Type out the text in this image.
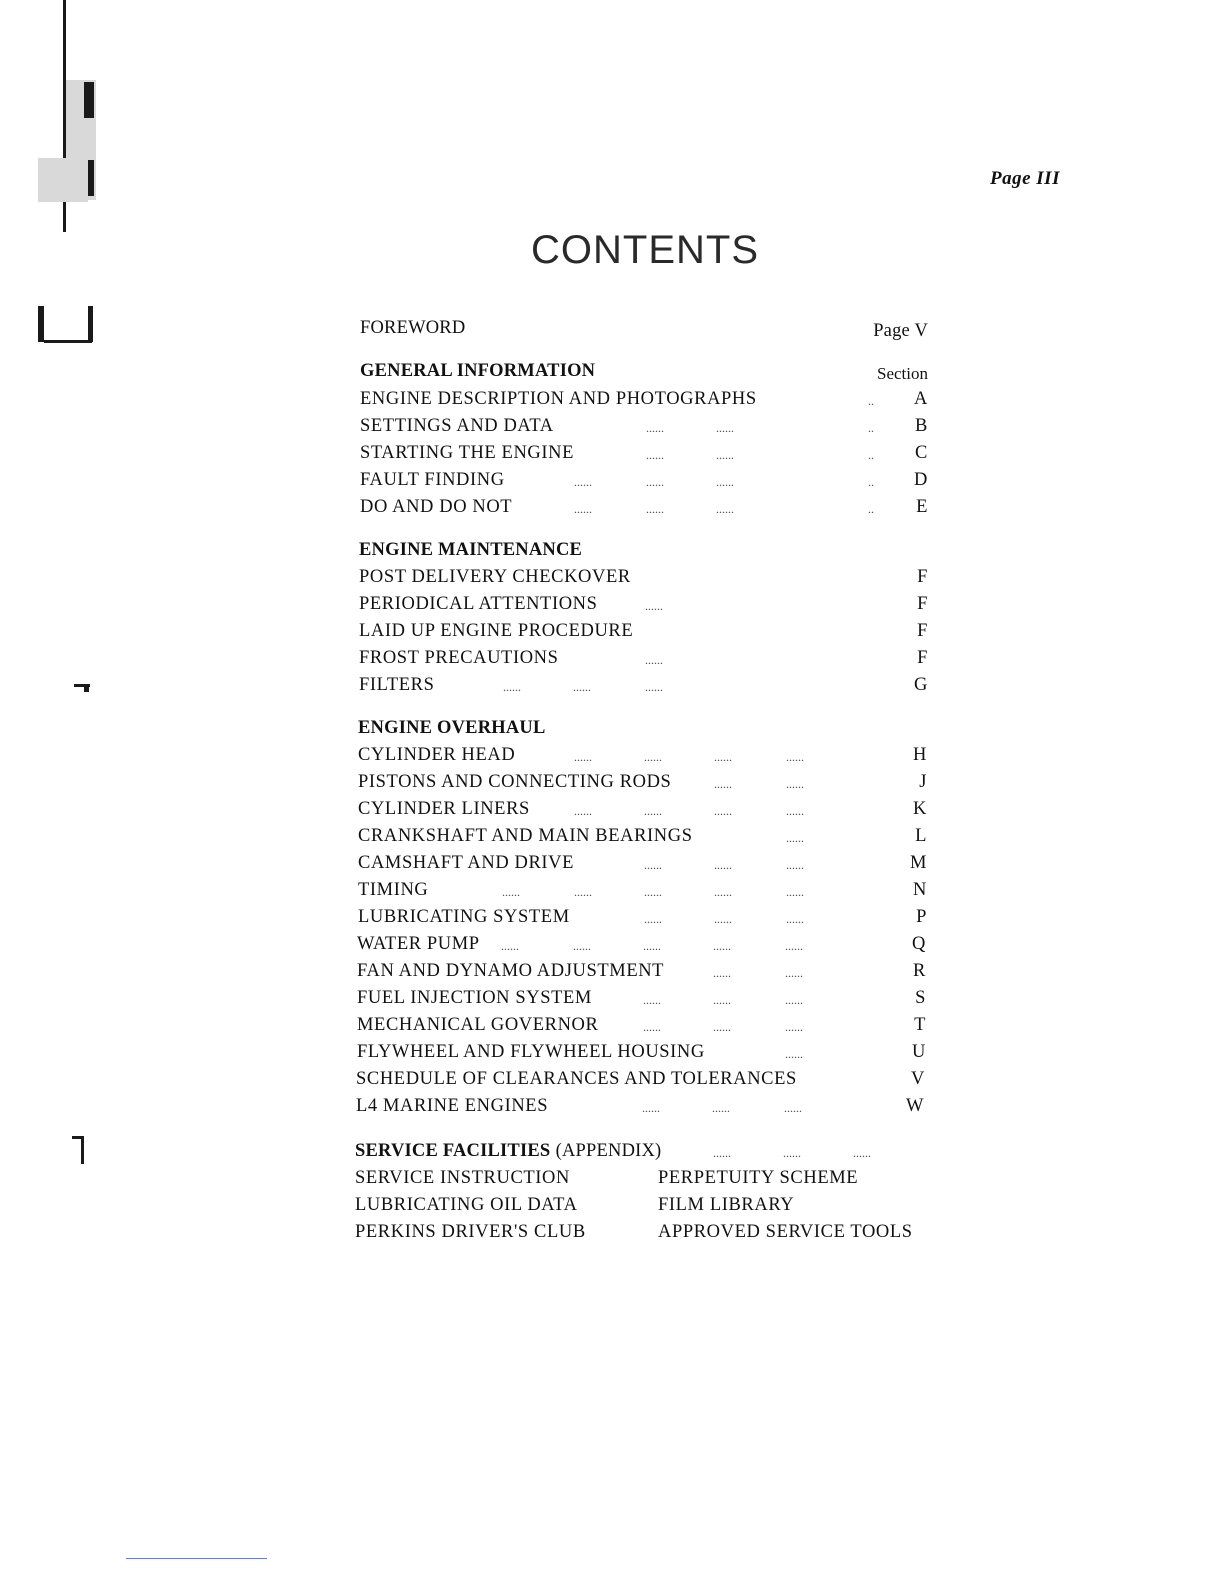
Page III
CONTENTS
FOREWORD	Page V
GENERAL INFORMATION	Section
ENGINE DESCRIPTION AND PHOTOGRAPHS	.. A
SETTINGS AND DATA	......	......	.. B
STARTING THE ENGINE	......	......	.. C
FAULT FINDING	......	......	......	.. D
DO AND DO NOT	......	......	......	.. E
ENGINE MAINTENANCE
POST DELIVERY CHECKOVER	F
PERIODICAL ATTENTIONS	......	F
LAID UP ENGINE PROCEDURE	F
FROST PRECAUTIONS	......	F
FILTERS	......	......	......	G
ENGINE OVERHAUL
CYLINDER HEAD	......	......	......	......	H
PISTONS AND CONNECTING RODS	......	......	J
CYLINDER LINERS	......	......	......	......	K
CRANKSHAFT AND MAIN BEARINGS	......	L
CAMSHAFT AND DRIVE	......	......	......	M
TIMING	......	......	......	......	......	N
LUBRICATING SYSTEM	......	......	......	P
WATER PUMP ......	......	......	......	......	Q
FAN AND DYNAMO ADJUSTMENT	......	......	R
FUEL INJECTION SYSTEM	......	......	......	S
MECHANICAL GOVERNOR	......	......	......	T
FLYWHEEL AND FLYWHEEL HOUSING	......	U
SCHEDULE OF CLEARANCES AND TOLERANCES	V
L4 MARINE ENGINES	......	......	......	W
SERVICE FACILITIES (APPENDIX)	......	......	......
SERVICE INSTRUCTION	PERPETUITY SCHEME
LUBRICATING OIL DATA	FILM LIBRARY
PERKINS DRIVER'S CLUB	APPROVED SERVICE TOOLS
